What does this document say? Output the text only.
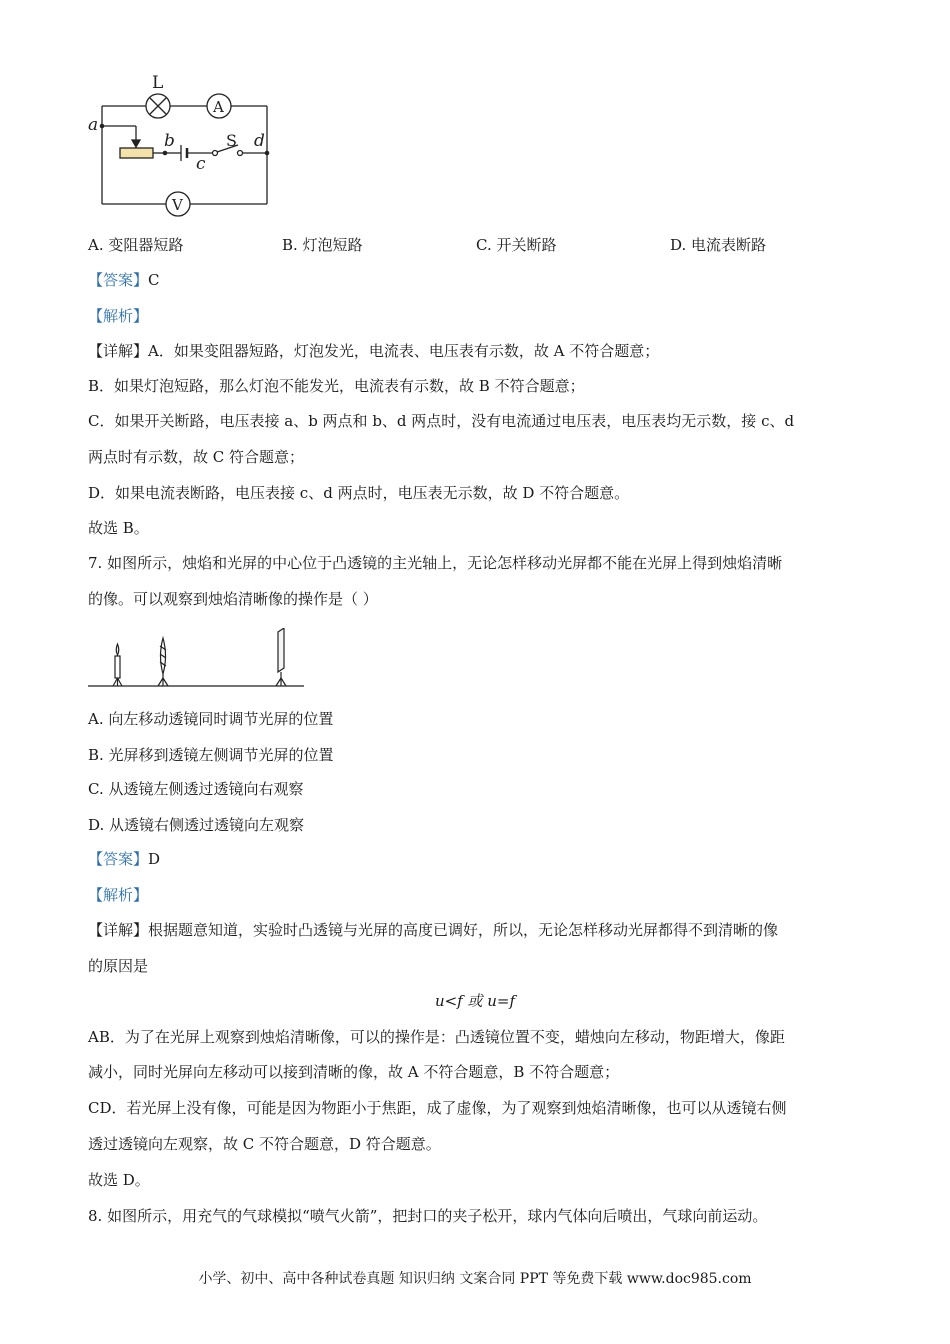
L
A
V
S
a
b
c
d
A. 变阻器短路	B. 灯泡短路	C. 开关断路	D. 电流表断路
【答案】C
【解析】
【详解】A．如果变阻器短路，灯泡发光，电流表、电压表有示数，故 A 不符合题意；
B．如果灯泡短路，那么灯泡不能发光，电流表有示数，故 B 不符合题意；
C．如果开关断路，电压表接 a、b 两点和 b、d 两点时，没有电流通过电压表，电压表均无示数，接 c、d
两点时有示数，故 C 符合题意；
D．如果电流表断路，电压表接 c、d 两点时，电压表无示数，故 D 不符合题意。
故选 B。
7. 如图所示，烛焰和光屏的中心位于凸透镜的主光轴上，无论怎样移动光屏都不能在光屏上得到烛焰清晰
的像。可以观察到烛焰清晰像的操作是（ ）
A. 向左移动透镜同时调节光屏的位置
B. 光屏移到透镜左侧调节光屏的位置
C. 从透镜左侧透过透镜向右观察
D. 从透镜右侧透过透镜向左观察
【答案】D
【解析】
【详解】根据题意知道，实验时凸透镜与光屏的高度已调好，所以，无论怎样移动光屏都得不到清晰的像
的原因是
u<f 或 u=f
AB．为了在光屏上观察到烛焰清晰像，可以的操作是：凸透镜位置不变，蜡烛向左移动，物距增大，像距
减小，同时光屏向左移动可以接到清晰的像，故 A 不符合题意，B 不符合题意；
CD．若光屏上没有像，可能是因为物距小于焦距，成了虚像，为了观察到烛焰清晰像，也可以从透镜右侧
透过透镜向左观察，故 C 不符合题意，D 符合题意。
故选 D。
8. 如图所示，用充气的气球模拟“喷气火箭”，把封口的夹子松开，球内气体向后喷出，气球向前运动。
小学、初中、高中各种试卷真题 知识归纳 文案合同 PPT 等免费下载 www.doc985.com
